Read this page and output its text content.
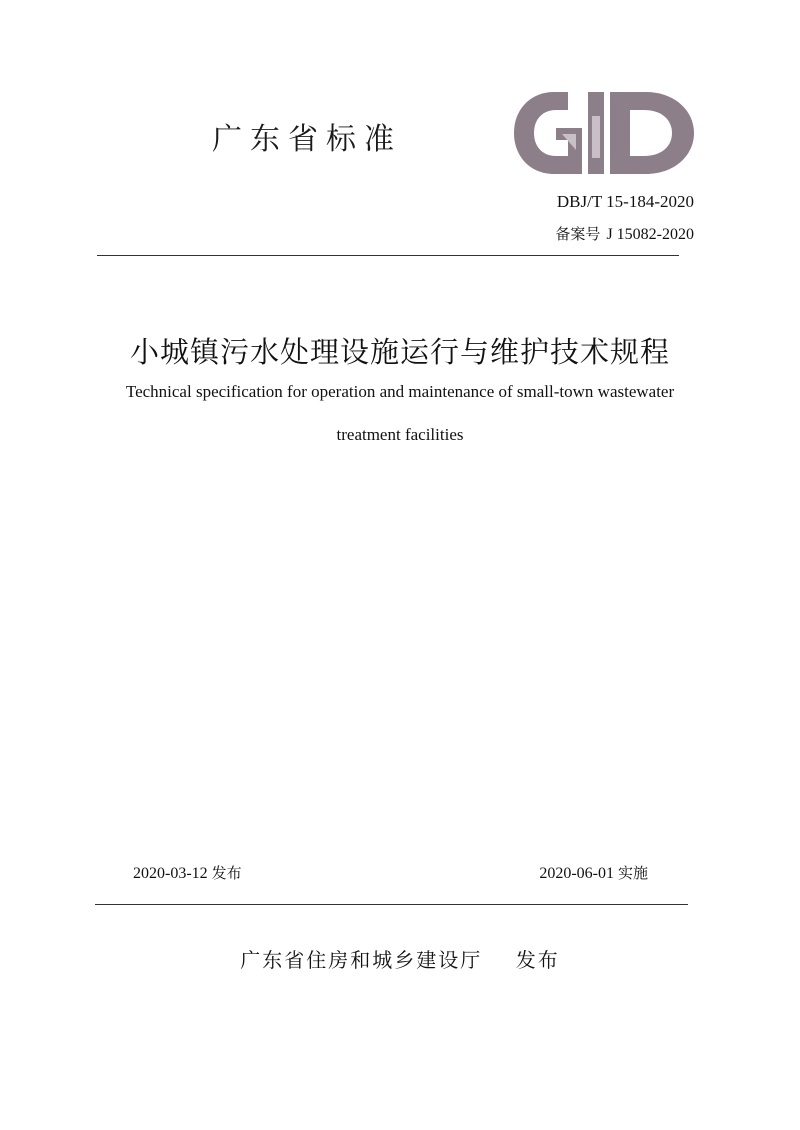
广东省标准
DBJ/T 15-184-2020
备案号 J 15082-2020
小城镇污水处理设施运行与维护技术规程
Technical specification for operation and maintenance of small-town wastewater
treatment facilities
2020-03-12 发布	2020-06-01 实施
广东省住房和城乡建设厅 发布
